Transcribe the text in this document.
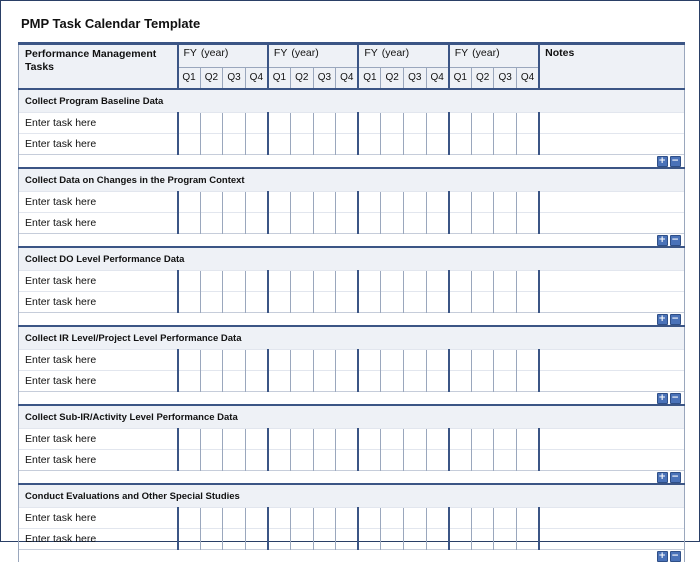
PMP Task Calendar Template
Performance Management Tasks	FY (year)				FY (year)				FY (year)				FY (year)				Notes
	Q1	Q2	Q3	Q4	Q1	Q2	Q3	Q4	Q1	Q2	Q3	Q4	Q1	Q2	Q3	Q4	
Collect Program Baseline Data																	
Enter task here																	
Enter task here																	

+ −																	

Collect Data on Changes in the Program Context																	
Enter task here																	
Enter task here																	

+ −																	

Collect DO Level Performance Data																	
Enter task here																	
Enter task here																	

+ −																	

Collect IR Level/Project Level Performance Data																	
Enter task here																	
Enter task here																	

+ −																	

Collect Sub-IR/Activity Level Performance Data																	
Enter task here																	
Enter task here																	

+ −																	

Conduct Evaluations and Other Special Studies																	
Enter task here																	
Enter task here																	

+ −																	
